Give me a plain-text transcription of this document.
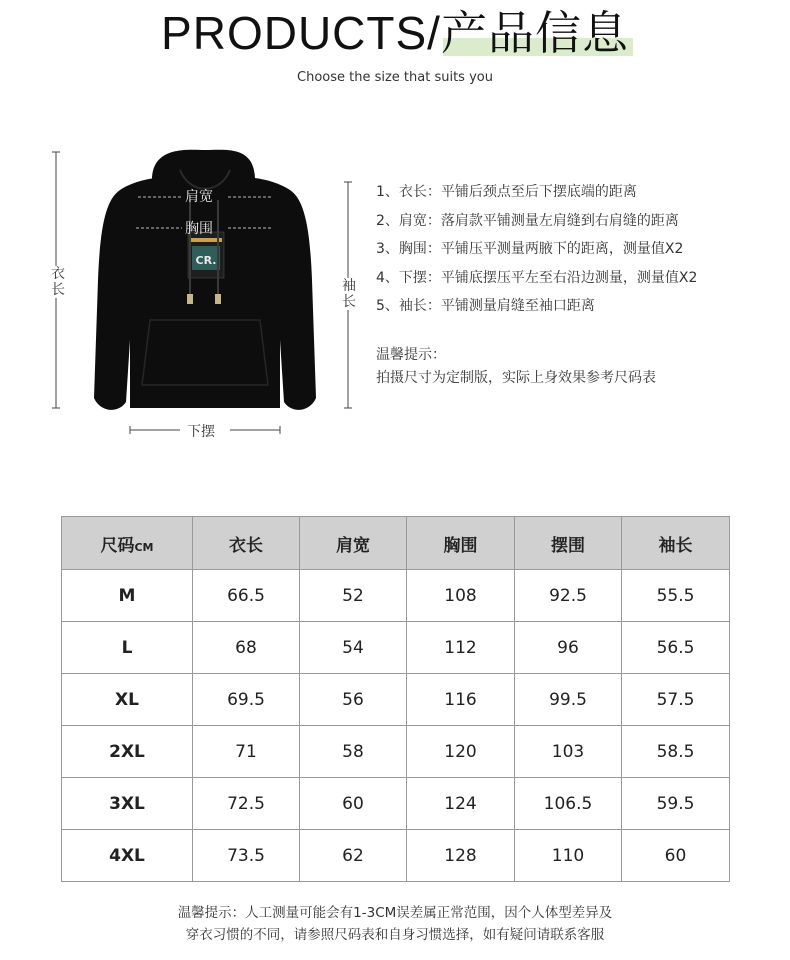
PRODUCTS/产品信息
Choose the size that suits you
CR.
衣长	袖长
肩宽
胸围
下摆
1、衣长：平铺后颈点至后下摆底端的距离
2、肩宽：落肩款平铺测量左肩缝到右肩缝的距离
3、胸围：平铺压平测量两腋下的距离，测量值X2
4、下摆：平铺底摆压平左至右沿边测量，测量值X2
5、袖长：平铺测量肩缝至袖口距离
温馨提示：
拍摄尺寸为定制版，实际上身效果参考尺码表
尺码CM	衣长	肩宽	胸围	摆围	袖长
M	66.5	52	108	92.5	55.5
L	68	54	112	96	56.5
XL	69.5	56	116	99.5	57.5
2XL	71	58	120	103	58.5
3XL	72.5	60	124	106.5	59.5
4XL	73.5	62	128	110	60
温馨提示：人工测量可能会有1-3CM误差属正常范围，因个人体型差异及
穿衣习惯的不同，请参照尺码表和自身习惯选择，如有疑问请联系客服
